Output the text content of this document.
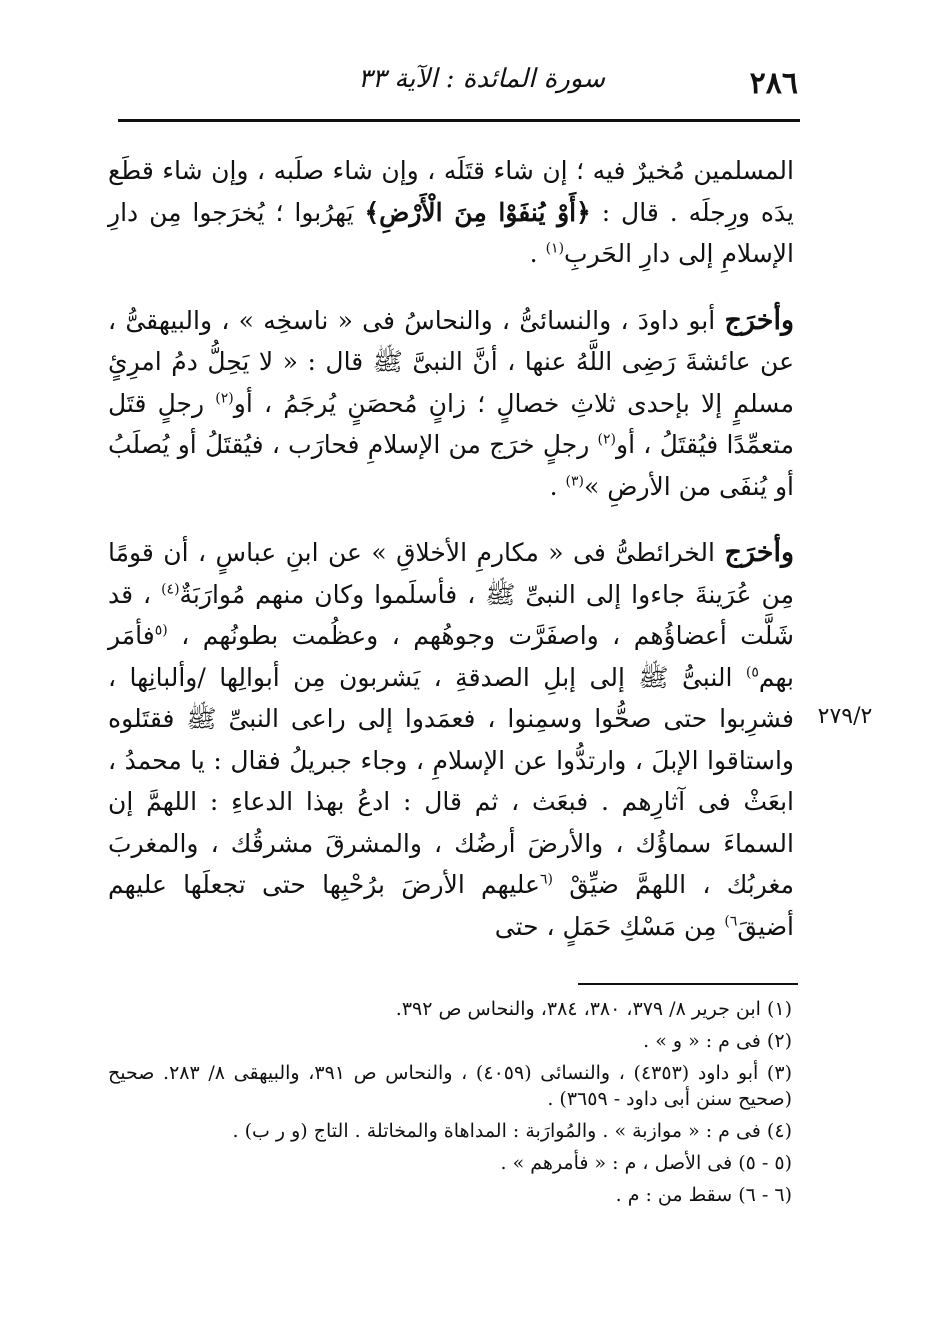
٢٨٦
سورة المائدة : الآية ٣٣
٢٧٩/٢

المسلمين مُخيرٌ فيه ؛ إن شاء قتَلَه ، وإن شاء صلَبه ، وإن شاء قطَع يدَه ورِجلَه . قال : ﴿أَوْ يُنفَوْا مِنَ الْأَرْضِ﴾ يَهرُبوا ؛ يُخرَجوا مِن دارِ الإسلامِ إلى دارِ الحَربِ$^{(١)}$ .

وأخرَج أبو داودَ ، والنسائىُّ ، والنحاسُ فى « ناسخِه » ، والبيهقىُّ ، عن عائشةَ رَضِى اللَّهُ عنها ، أنَّ النبىَّ ﷺ قال : « لا يَحِلُّ دمُ امرِئٍ مسلمٍ إلا بإحدى ثلاثِ خصالٍ ؛ زانٍ مُحصَنٍ يُرجَمُ ، أو$^{(٢)}$ رجلٍ قتَل متعمِّدًا فيُقتَلُ ، أو$^{(٢)}$ رجلٍ خرَج من الإسلامِ فحارَب ، فيُقتَلُ أو يُصلَبُ أو يُنفَى من الأرضِ »$^{(٣)}$ .

وأخرَج الخرائطىُّ فى « مكارمِ الأخلاقِ » عن ابنِ عباسٍ ، أن قومًا مِن عُرَينةَ جاءوا إلى النبىِّ ﷺ ، فأسلَموا وكان منهم مُوارَبَةٌ$^{(٤)}$ ، قد شَلَّت أعضاؤُهم ، واصفَرَّت وجوهُهم ، وعظُمت بطونُهم ، $^{(٥}$فأمَر بهم$^{٥)}$ النبىُّ ﷺ إلى إبلِ الصدقةِ ، يَشربون مِن أبوالِها /وألبانِها ، فشرِبوا حتى صحُّوا وسمِنوا ، فعمَدوا إلى راعى النبىِّ ﷺ فقتَلوه واستاقوا الإبلَ ، وارتدُّوا عن الإسلامِ ، وجاء جبريلُ فقال : يا محمدُ ، ابعَثْ فى آثارِهم . فبعَث ، ثم قال : ادعُ بهذا الدعاءِ : اللهمَّ إن السماءَ سماؤُك ، والأرضَ أرضُك ، والمشرقَ مشرقُك ، والمغربَ مغربُك ، اللهمَّ ضيِّقْ $^{(٦}$عليهم الأرضَ برُحْبِها حتى تجعلَها عليهم أضيقَ$^{٦)}$ مِن مَسْكِ حَمَلٍ ، حتى

(١) ابن جرير ٨/ ٣٧٩، ٣٨٠، ٣٨٤، والنحاس ص ٣٩٢.
(٢) فى م : « و » .
(٣) أبو داود (٤٣٥٣) ، والنسائى (٤٠٥٩) ، والنحاس ص ٣٩١، والبيهقى ٨/ ٢٨٣. صحيح (صحيح سنن أبى داود - ٣٦٥٩) .
(٤) فى م : « موازبة » . والمُوارَبة : المداهاة والمخاتلة . التاج (و ر ب) .
(٥ - ٥) فى الأصل ، م : « فأمرهم » .
(٦ - ٦) سقط من : م .
